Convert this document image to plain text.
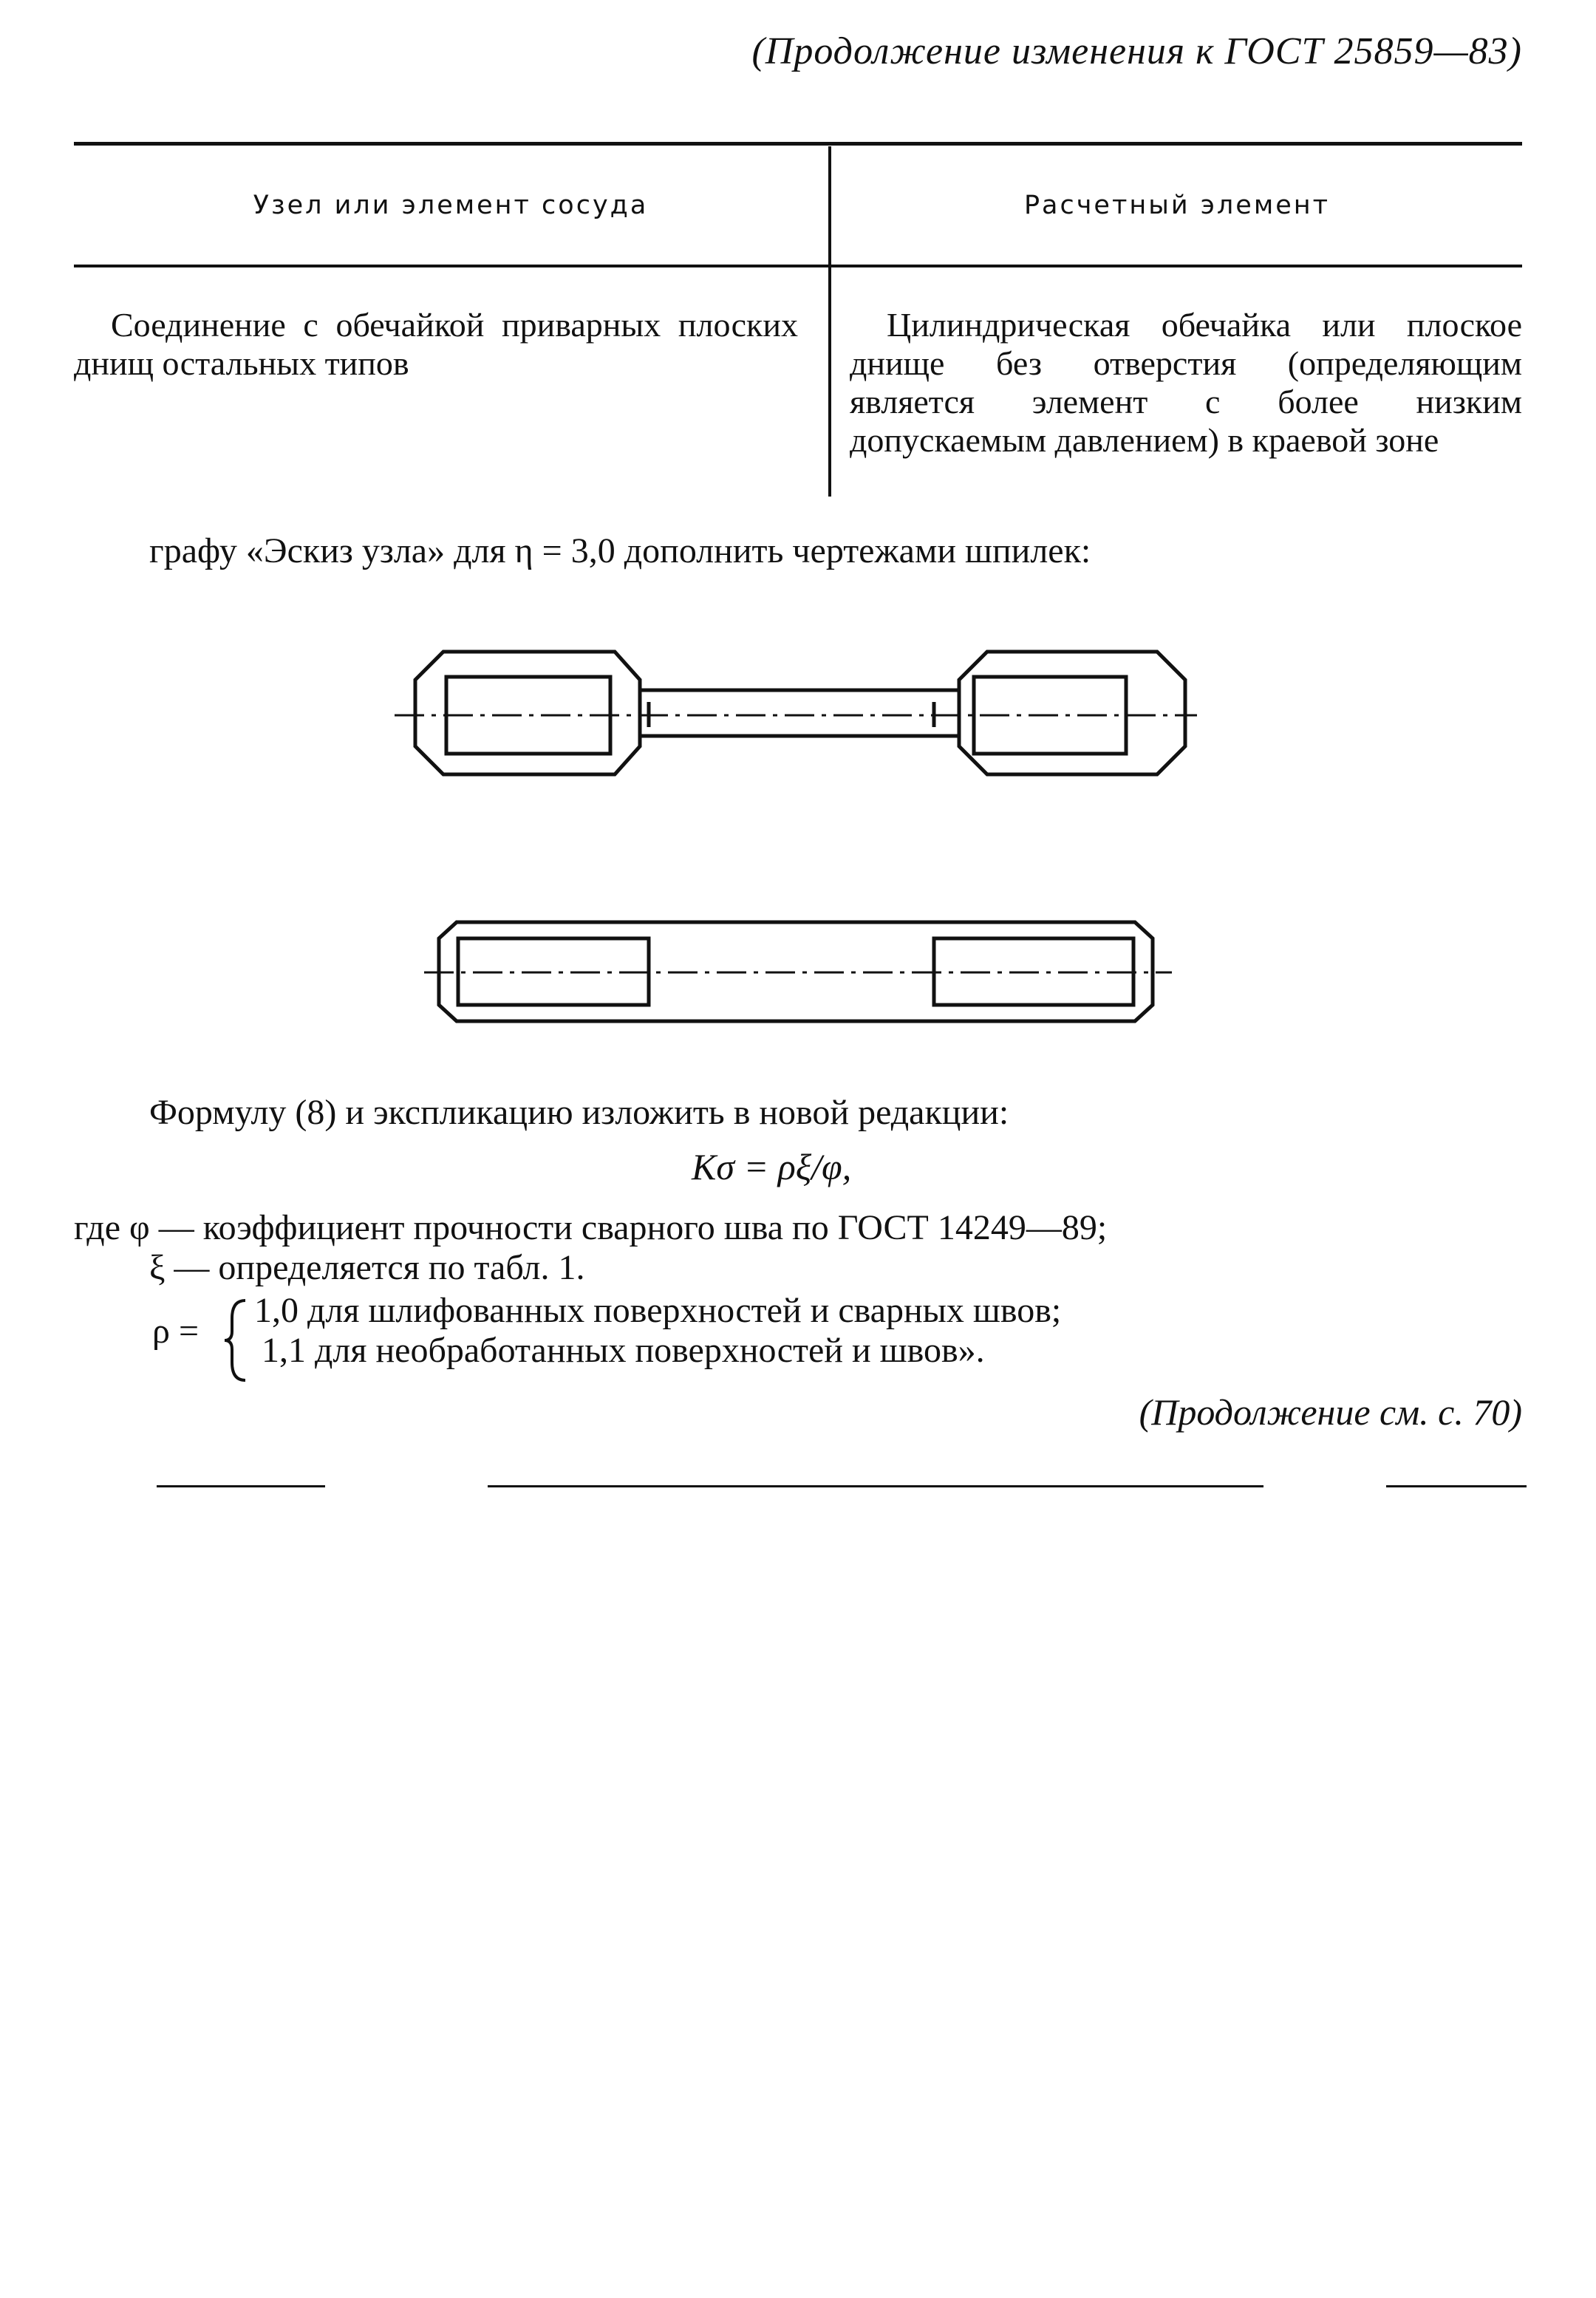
(Продолжение изменения к ГОСТ 25859—83)
Узел или элемент сосуда	Расчетный элемент
Соединение с обечайкой приварных плоских днищ остальных типов
Цилиндрическая обечайка или плоское днище без отверстия (определяющим является элемент с более низким допускаемым давлением) в краевой зоне
графу «Эскиз узла» для η = 3,0 дополнить чертежами шпилек:
Формулу (8) и экспликацию изложить в новой редакции:
Kσ = ρξ/φ,
где φ — коэффициент прочности сварного шва по ГОСТ 14249—89;
ξ — определяется по табл. 1.
ρ =
1,0 для шлифованных поверхностей и сварных швов;
1,1 для необработанных поверхностей и швов».
(Продолжение см. с. 70)
